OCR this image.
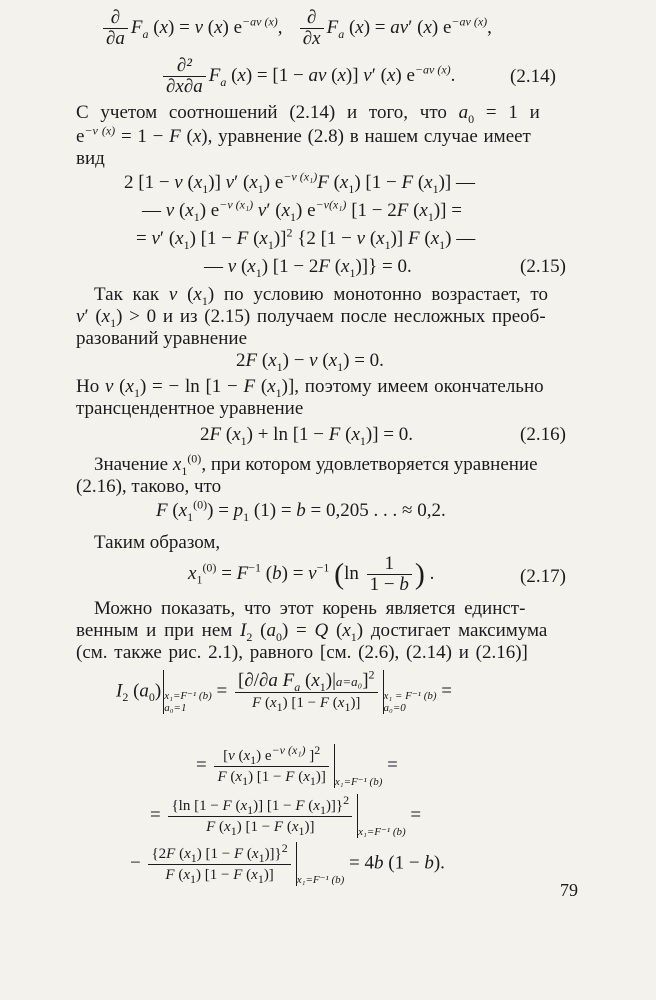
$\frac{\partial}{\partial a} F_a$ (x) = v (x) $e^{-av (x)}$, $\frac{\partial}{\partial x} F_a$ (x) = av′ (x) $e^{-av (x)}$,
$\frac{\text{∂²}}{\partial x\partial a} F_a$ (x) = [1 − av (x)] v′ (x) $e^{-av (x)}$.	(2.14)
С учетом соотношений (2.14) и того, что $a_0 = 1$ и
$e^{-v (x)} = 1 - F$ (x), уравнение (2.8) в нашем случае имеет
вид
2 [1 − v $(x_1)$] v′ $(x_1)$ $e^{-v (x_1)}F$ $(x_1) [1 - F$ $(x_1)$] —
— v $(x_1)$ $e^{-v (x_1)}$ v′ $(x_1)$ $e^{-v(x_1)}$ [1 − 2F $(x_1)$] =
= v′ $(x_1) [1 - F$ $(x_1)]^2$ {2 [1 − v $(x_1)$] F $(x_1)$ —
— v $(x_1) [1 - 2F$ $(x_1)]\} = 0$.	(2.15)
Так как v $(x_1)$ по условию монотонно возрастает, то
v′ $(x_1) > 0$ и из (2.15) получаем после несложных преоб-
разований уравнение
2F $(x_1) - v$ $(x_1) = 0$.
Но v $(x_1)$ = − ln [1 − F $(x_1)$], поэтому имеем окончательно
трансцендентное уравнение
2F $(x_1) + \ln [1 - F$ $(x_1)] = 0$.	(2.16)
Значение $x_1^{(0)}$, при котором удовлетворяется уравнение
(2.16), таково, что
F $(x_1^{(0)}) = p_1$ (1) = b = 0,205 . . . ≈ 0,2.
Таким образом,
$x_1^{(0)} = F^{-1}$ $(b) = v^{-1}$ ($\ln \frac{1}{1 - b}$ ) .	(2.17)
Можно показать, что этот корень является единст-
венным и при нем $I_2$ $(a_0) = Q$ $(x_1)$ достигает максимума
(см. также рис. 2.1), равного [см. (2.6), (2.14) и (2.16)]
$I_2$ $(a_0)$ x₁=F⁻¹ (b)
$a_0=1 = \frac{[\partial/\partial a F_a (x_1)|a=a_0]^2}{F (x_1) [1 - F (x_1)]} x_1 = F^{-1}$ (b)
a₀=0 =
= $\frac{[v (x_1) e^{-v (x_1)} ]^2}{F (x_1) [1 - F (x_1)]} x_1=F^{-1}$ (b) =
= $\frac{\{\ln [1 - F (x_1)] [1 - F (x_1)]\}^2}{F (x_1) [1 - F (x_1)]} x_1=F^{-1}$ (b) =
− $\frac{\{2F (x_1) [1 - F (x_1)]\}^2}{F (x_1) [1 - F (x_1)]} x_1=F^{-1}$ (b) = 4b (1 − b).
79
